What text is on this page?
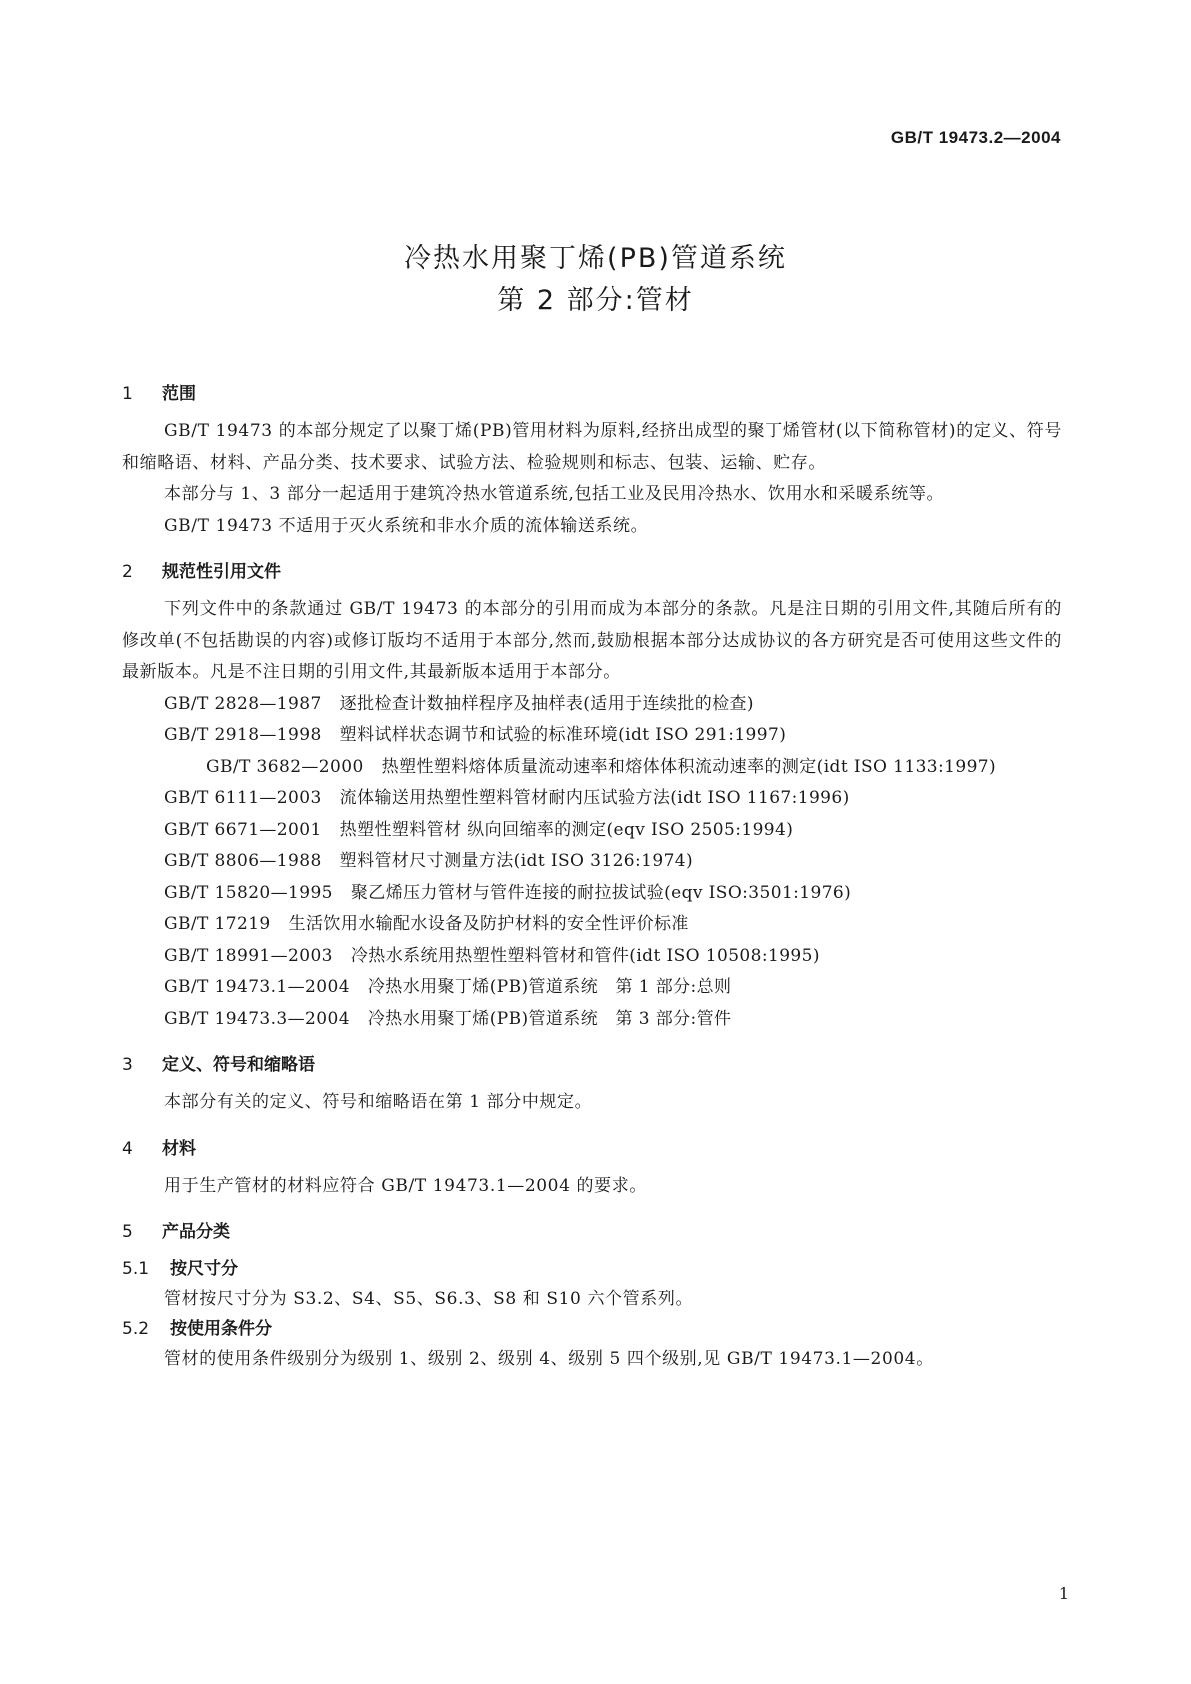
GB/T 19473.2—2004
冷热水用聚丁烯(PB)管道系统
第 2 部分:管材
1 范围
GB/T 19473 的本部分规定了以聚丁烯(PB)管用材料为原料,经挤出成型的聚丁烯管材(以下简称管材)的定义、符号和缩略语、材料、产品分类、技术要求、试验方法、检验规则和标志、包装、运输、贮存。
本部分与 1、3 部分一起适用于建筑冷热水管道系统,包括工业及民用冷热水、饮用水和采暖系统等。
GB/T 19473 不适用于灭火系统和非水介质的流体输送系统。
2 规范性引用文件
下列文件中的条款通过 GB/T 19473 的本部分的引用而成为本部分的条款。凡是注日期的引用文件,其随后所有的修改单(不包括勘误的内容)或修订版均不适用于本部分,然而,鼓励根据本部分达成协议的各方研究是否可使用这些文件的最新版本。凡是不注日期的引用文件,其最新版本适用于本部分。
GB/T 2828—1987 逐批检查计数抽样程序及抽样表(适用于连续批的检查)
GB/T 2918—1998 塑料试样状态调节和试验的标准环境(idt ISO 291:1997)
GB/T 3682—2000 热塑性塑料熔体质量流动速率和熔体体积流动速率的测定(idt ISO 1133:1997)
GB/T 6111—2003 流体输送用热塑性塑料管材耐内压试验方法(idt ISO 1167:1996)
GB/T 6671—2001 热塑性塑料管材 纵向回缩率的测定(eqv ISO 2505:1994)
GB/T 8806—1988 塑料管材尺寸测量方法(idt ISO 3126:1974)
GB/T 15820—1995 聚乙烯压力管材与管件连接的耐拉拔试验(eqv ISO:3501:1976)
GB/T 17219 生活饮用水输配水设备及防护材料的安全性评价标准
GB/T 18991—2003 冷热水系统用热塑性塑料管材和管件(idt ISO 10508:1995)
GB/T 19473.1—2004 冷热水用聚丁烯(PB)管道系统　第 1 部分:总则
GB/T 19473.3—2004 冷热水用聚丁烯(PB)管道系统　第 3 部分:管件
3 定义、符号和缩略语
本部分有关的定义、符号和缩略语在第 1 部分中规定。
4 材料
用于生产管材的材料应符合 GB/T 19473.1—2004 的要求。
5 产品分类
5.1 按尺寸分
管材按尺寸分为 S3.2、S4、S5、S6.3、S8 和 S10 六个管系列。
5.2 按使用条件分
管材的使用条件级别分为级别 1、级别 2、级别 4、级别 5 四个级别,见 GB/T 19473.1—2004。
1
